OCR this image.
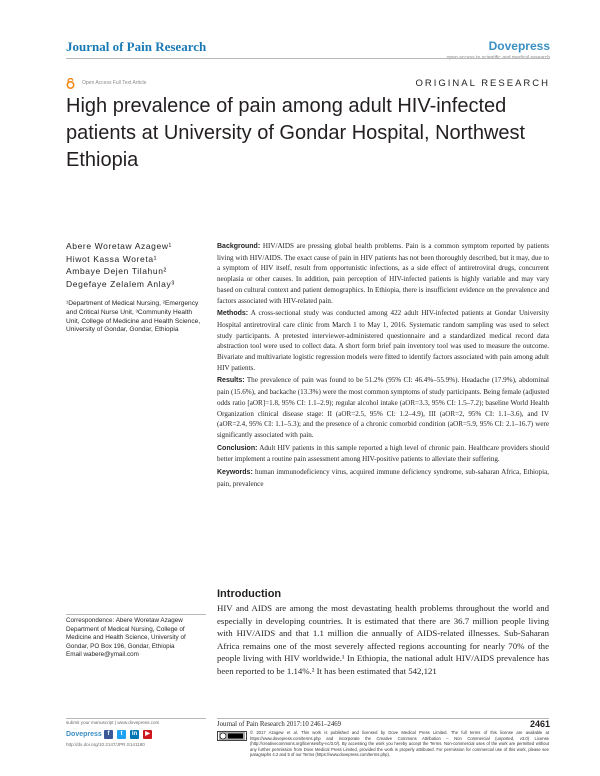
Journal of Pain Research	Dovepress
Open Access Full Text Article	ORIGINAL RESEARCH
High prevalence of pain among adult HIV-infected patients at University of Gondar Hospital, Northwest Ethiopia
Abere Woretaw Azagew¹
Hiwot Kassa Woreta¹
Ambaye Dejen Tilahun²
Degefaye Zelalem Anlay³
¹Department of Medical Nursing, ²Emergency and Critical Nurse Unit, ³Community Health Unit, College of Medicine and Health Science, University of Gondar, Gondar, Ethiopia

Background: HIV/AIDS are pressing global health problems. Pain is a common symptom reported by patients living with HIV/AIDS. The exact cause of pain in HIV patients has not been thoroughly described, but it may, due to a symptom of HIV itself, result from opportunistic infections, as a side effect of antiretroviral drugs, concurrent neoplasia or other causes. In addition, pain perception of HIV-infected patients is highly variable and may vary based on cultural context and patient demographics. In Ethiopia, there is insufficient evidence on the prevalence and factors associated with HIV-related pain.

Methods: A cross-sectional study was conducted among 422 adult HIV-infected patients at Gondar University Hospital antiretroviral care clinic from March 1 to May 1, 2016. Systematic random sampling was used to select study participants. A pretested interviewer-administered questionnaire and a standardized medical record data abstraction tool were used to collect data. A short form brief pain inventory tool was used to measure the outcome. Bivariate and multivariate logistic regression models were fitted to identify factors associated with pain among adult HIV patients.

Results: The prevalence of pain was found to be 51.2% (95% CI: 46.4%–55.9%). Headache (17.9%), abdominal pain (15.6%), and backache (13.3%) were the most common symptoms of study participants. Being female (adjusted odds ratio [aOR]=1.8, 95% CI: 1.1–2.9); regular alcohol intake (aOR=3.3, 95% CI: 1.5–7.2); baseline World Health Organization clinical disease stage: II (aOR=2.5, 95% CI: 1.2–4.9), III (aOR=2, 95% CI: 1.1–3.6), and IV (aOR=2.4, 95% CI: 1.1–5.3); and the presence of a chronic comorbid condition (aOR=5.9, 95% CI: 2.1–16.7) were significantly associated with pain.

Conclusion: Adult HIV patients in this sample reported a high level of chronic pain. Healthcare providers should better implement a routine pain assessment among HIV-positive patients to alleviate their suffering.

Keywords: human immunodeficiency virus, acquired immune deficiency syndrome, sub-saharan Africa, Ethiopia, pain, prevalence

Introduction
HIV and AIDS are among the most devastating health problems throughout the world and especially in developing countries. It is estimated that there are 36.7 million people living with HIV/AIDS and that 1.1 million die annually of AIDS-related illnesses. Sub-Saharan Africa remains one of the most severely affected regions accounting for nearly 70% of the people living with HIV worldwide.¹ In Ethiopia, the national adult HIV/AIDS prevalence has been reported to be 1.14%.² It has been estimated that 542,121
Correspondence: Abere Woretaw Azagew
Department of Medical Nursing, College of Medicine and Health Science, University of Gondar, PO Box 196, Gondar, Ethiopia
Email wabere@ymail.com
submit your manuscript | www.dovepress.com
Dovepress f	t	in	▶
http://dx.doi.org/10.2147/JPR.S141180
Journal of Pain Research 2017:10 2461–2469	2461
© 2017 Azagew et al. This work is published and licensed by Dove Medical Press Limited. The full terms of this license are available at https://www.dovepress.com/terms.php and incorporate the Creative Commons Attribution – Non Commercial (unported, v3.0) License (http://creativecommons.org/licenses/by-nc/3.0/). By accessing the work you hereby accept the Terms. Non-commercial uses of the work are permitted without any further permission from Dove Medical Press Limited, provided the work is properly attributed. For permission for commercial use of this work, please see paragraphs 4.2 and 5 of our Terms (https://www.dovepress.com/terms.php).
